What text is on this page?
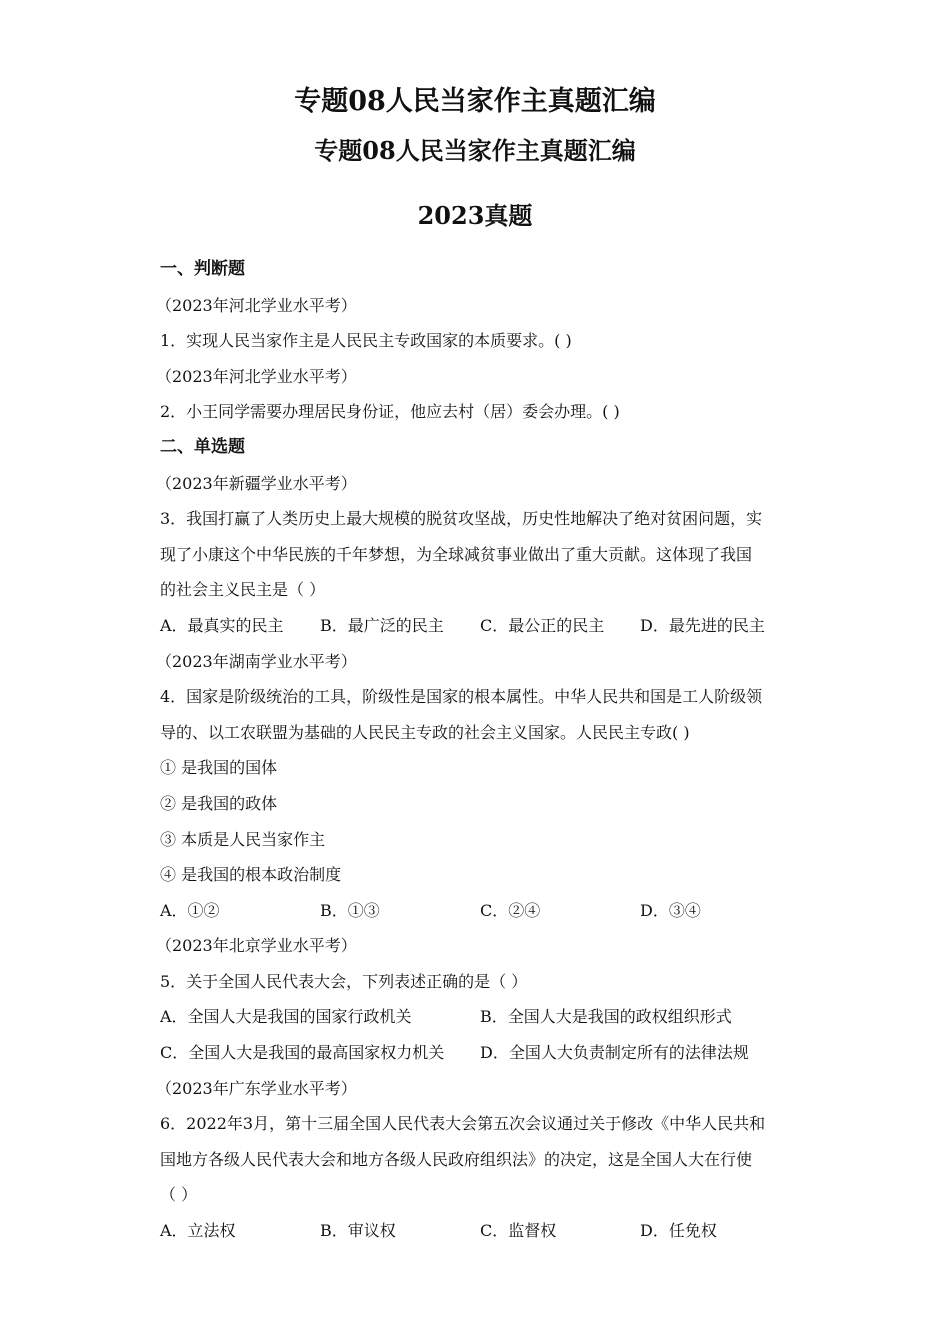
专题08人民当家作主真题汇编
专题08人民当家作主真题汇编
2023真题
一、判断题
（2023年河北学业水平考）
1．实现人民当家作主是人民民主专政国家的本质要求。( )
（2023年河北学业水平考）
2．小王同学需要办理居民身份证，他应去村（居）委会办理。( )
二、单选题
（2023年新疆学业水平考）
3．我国打赢了人类历史上最大规模的脱贫攻坚战，历史性地解决了绝对贫困问题，实
现了小康这个中华民族的千年梦想，为全球减贫事业做出了重大贡献。这体现了我国
的社会主义民主是（ ）
A．最真实的民主	B．最广泛的民主	C．最公正的民主	D．最先进的民主
（2023年湖南学业水平考）
4．国家是阶级统治的工具，阶级性是国家的根本属性。中华人民共和国是工人阶级领
导的、以工农联盟为基础的人民民主专政的社会主义国家。人民民主专政( )
① 是我国的国体
② 是我国的政体
③ 本质是人民当家作主
④ 是我国的根本政治制度
A．①②	B．①③	C．②④	D．③④
（2023年北京学业水平考）
5．关于全国人民代表大会，下列表述正确的是（ ）
A．全国人大是我国的国家行政机关	B．全国人大是我国的政权组织形式
C．全国人大是我国的最高国家权力机关	D．全国人大负责制定所有的法律法规
（2023年广东学业水平考）
6．2022年3月，第十三届全国人民代表大会第五次会议通过关于修改《中华人民共和
国地方各级人民代表大会和地方各级人民政府组织法》的决定，这是全国人大在行使
（ ）
A．立法权	B．审议权	C．监督权	D．任免权
